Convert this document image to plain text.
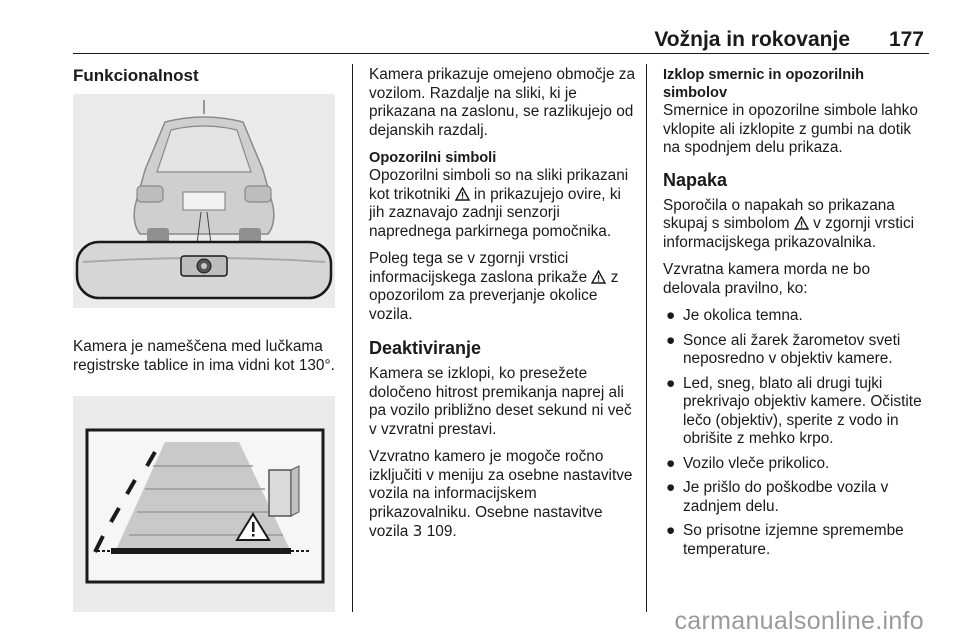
Vožnja in rokovanje 177
Funkcionalnost

Kamera je nameščena med lučkama registrske tablice in ima vidni kot 130°.

Kamera prikazuje omejeno območje za vozilom. Razdalje na sliki, ki je prikazana na zaslonu, se razlikujejo od dejanskih razdalj.

Opozorilni simboli

Opozorilni simboli so na sliki prikazani kot trikotniki in prikazujejo ovire, ki jih zaznavajo zadnji senzorji naprednega parkirnega pomočnika.

Poleg tega se v zgornji vrstici informacijskega zaslona prikaže z opozorilom za preverjanje okolice vozila.

Deaktiviranje

Kamera se izklopi, ko presežete določeno hitrost premikanja naprej ali pa vozilo približno deset sekund ni več v vzvratni prestavi.

Vzvratno kamero je mogoče ročno izključiti v meniju za osebne nastavitve vozila na informacijskem prikazovalniku. Osebne nastavitve vozila 3 109.

Izklop smernic in opozorilnih simbolov

Smernice in opozorilne simbole lahko vklopite ali izklopite z gumbi na dotik na spodnjem delu prikaza.

Napaka

Sporočila o napakah so prikazana skupaj s simbolom v zgornji vrstici informacijskega prikazovalnika.

Vzvratna kamera morda ne bo delovala pravilno, ko:

● Je okolica temna.
● Sonce ali žarek žarometov sveti neposredno v objektiv kamere.
● Led, sneg, blato ali drugi tujki prekrivajo objektiv kamere. Očistite lečo (objektiv), sperite z vodo in obrišite z mehko krpo.
● Vozilo vleče prikolico.
● Je prišlo do poškodbe vozila v zadnjem delu.
● So prisotne izjemne spremembe temperature.
carmanualsonline.info
